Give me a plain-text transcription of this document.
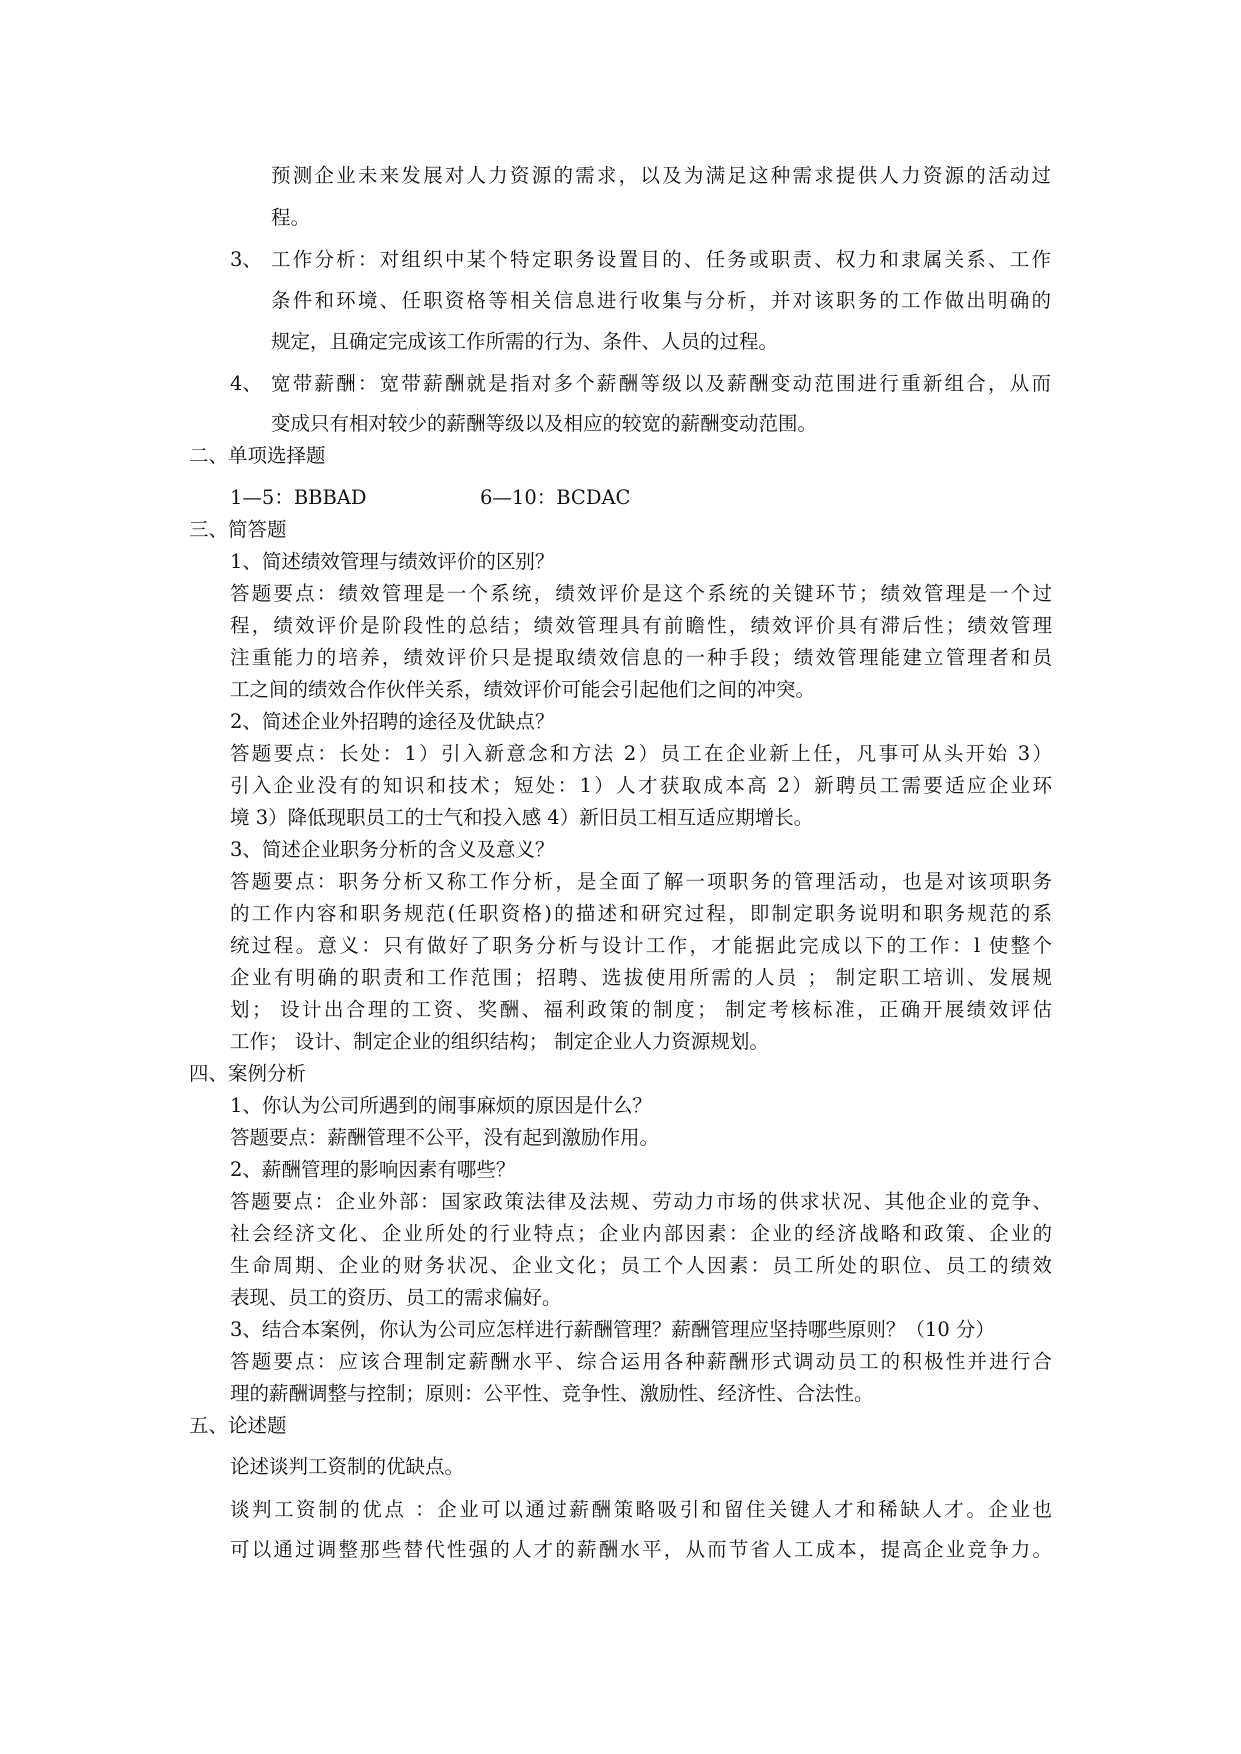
预测企业未来发展对人力资源的需求，以及为满足这种需求提供人力资源的活动过
程。
3、 工作分析：对组织中某个特定职务设置目的、任务或职责、权力和隶属关系、工作
条件和环境、任职资格等相关信息进行收集与分析，并对该职务的工作做出明确的
规定，且确定完成该工作所需的行为、条件、人员的过程。
4、 宽带薪酬：宽带薪酬就是指对多个薪酬等级以及薪酬变动范围进行重新组合，从而
变成只有相对较少的薪酬等级以及相应的较宽的薪酬变动范围。
二、单项选择题
1—5：BBBAD	6—10：BCDAC
三、简答题
1、简述绩效管理与绩效评价的区别？
答题要点：绩效管理是一个系统，绩效评价是这个系统的关键环节；绩效管理是一个过
程，绩效评价是阶段性的总结；绩效管理具有前瞻性，绩效评价具有滞后性；绩效管理
注重能力的培养，绩效评价只是提取绩效信息的一种手段；绩效管理能建立管理者和员
工之间的绩效合作伙伴关系，绩效评价可能会引起他们之间的冲突。
2、简述企业外招聘的途径及优缺点？
答题要点：长处：1）引入新意念和方法 2）员工在企业新上任，凡事可从头开始 3）
引入企业没有的知识和技术；短处：1）人才获取成本高 2）新聘员工需要适应企业环
境 3）降低现职员工的士气和投入感 4）新旧员工相互适应期增长。
3、简述企业职务分析的含义及意义？
答题要点：职务分析又称工作分析，是全面了解一项职务的管理活动，也是对该项职务
的工作内容和职务规范(任职资格)的描述和研究过程，即制定职务说明和职务规范的系
统过程。意义：只有做好了职务分析与设计工作，才能据此完成以下的工作：l 使整个
企业有明确的职责和工作范围；招聘、选拔使用所需的人员 ； 制定职工培训、发展规
划； 设计出合理的工资、奖酬、福利政策的制度； 制定考核标准，正确开展绩效评估
工作； 设计、制定企业的组织结构； 制定企业人力资源规划。
四、案例分析
1、你认为公司所遇到的闹事麻烦的原因是什么？
答题要点：薪酬管理不公平，没有起到激励作用。
2、薪酬管理的影响因素有哪些？
答题要点：企业外部：国家政策法律及法规、劳动力市场的供求状况、其他企业的竞争、
社会经济文化、企业所处的行业特点；企业内部因素：企业的经济战略和政策、企业的
生命周期、企业的财务状况、企业文化；员工个人因素：员工所处的职位、员工的绩效
表现、员工的资历、员工的需求偏好。
3、结合本案例，你认为公司应怎样进行薪酬管理？薪酬管理应坚持哪些原则？（10 分）
答题要点：应该合理制定薪酬水平、综合运用各种薪酬形式调动员工的积极性并进行合
理的薪酬调整与控制；原则：公平性、竞争性、激励性、经济性、合法性。
五、论述题
论述谈判工资制的优缺点。
谈判工资制的优点 ：企业可以通过薪酬策略吸引和留住关键人才和稀缺人才。企业也
可以通过调整那些替代性强的人才的薪酬水平，从而节省人工成本，提高企业竞争力。
